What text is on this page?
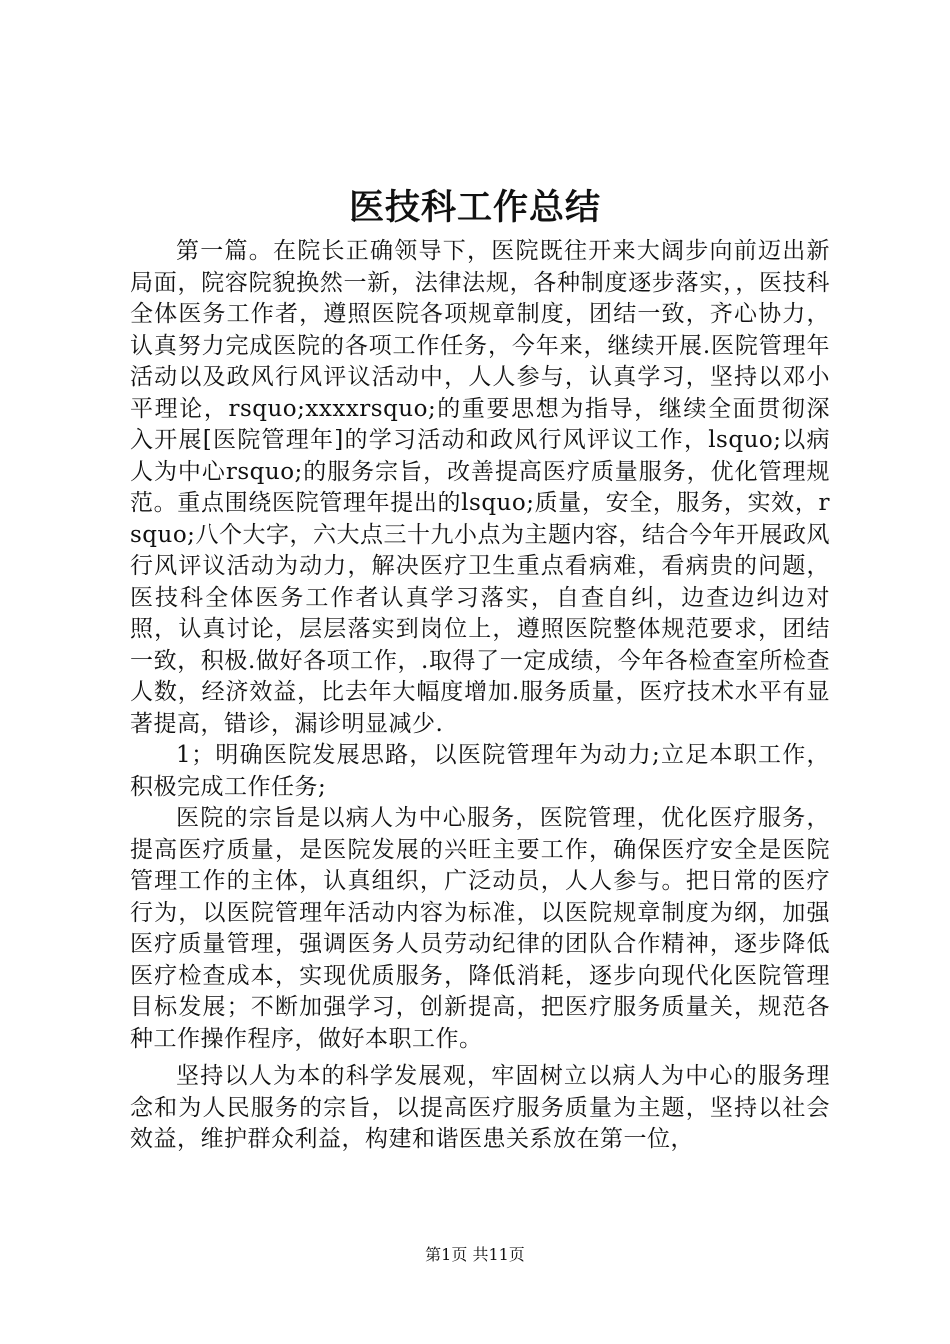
医技科工作总结

第一篇。在院长正确领导下，医院既往开来大阔步向前迈出新局面，院容院貌换然一新，法律法规，各种制度逐步落实，，医技科全体医务工作者，遵照医院各项规章制度，团结一致，齐心协力，认真努力完成医院的各项工作任务，今年来，继续开展.医院管理年活动以及政风行风评议活动中，人人参与，认真学习，坚持以邓小平理论，rsquo;xxxxrsquo;的重要思想为指导，继续全面贯彻深入开展[医院管理年]的学习活动和政风行风评议工作，lsquo;以病人为中心rsquo;的服务宗旨，改善提高医疗质量服务，优化管理规范。重点围绕医院管理年提出的lsquo;质量，安全，服务，实效，rsquo;八个大字，六大点三十九小点为主题内容，结合今年开展政风行风评议活动为动力，解决医疗卫生重点看病难，看病贵的问题，医技科全体医务工作者认真学习落实，自查自纠，边查边纠边对照，认真讨论，层层落实到岗位上，遵照医院整体规范要求，团结一致，积极.做好各项工作，.取得了一定成绩，今年各检查室所检查人数，经济效益，比去年大幅度增加.服务质量，医疗技术水平有显著提高，错诊，漏诊明显减少.

1；明确医院发展思路，以医院管理年为动力;立足本职工作，积极完成工作任务;

医院的宗旨是以病人为中心服务，医院管理，优化医疗服务，提高医疗质量，是医院发展的兴旺主要工作，确保医疗安全是医院管理工作的主体，认真组织，广泛动员，人人参与。把日常的医疗行为，以医院管理年活动内容为标准，以医院规章制度为纲，加强医疗质量管理，强调医务人员劳动纪律的团队合作精神，逐步降低医疗检查成本，实现优质服务，降低消耗，逐步向现代化医院管理目标发展；不断加强学习，创新提高，把医疗服务质量关，规范各种工作操作程序，做好本职工作。

坚持以人为本的科学发展观，牢固树立以病人为中心的服务理念和为人民服务的宗旨，以提高医疗服务质量为主题，坚持以社会效益，维护群众利益，构建和谐医患关系放在第一位，

第1页 共11页
